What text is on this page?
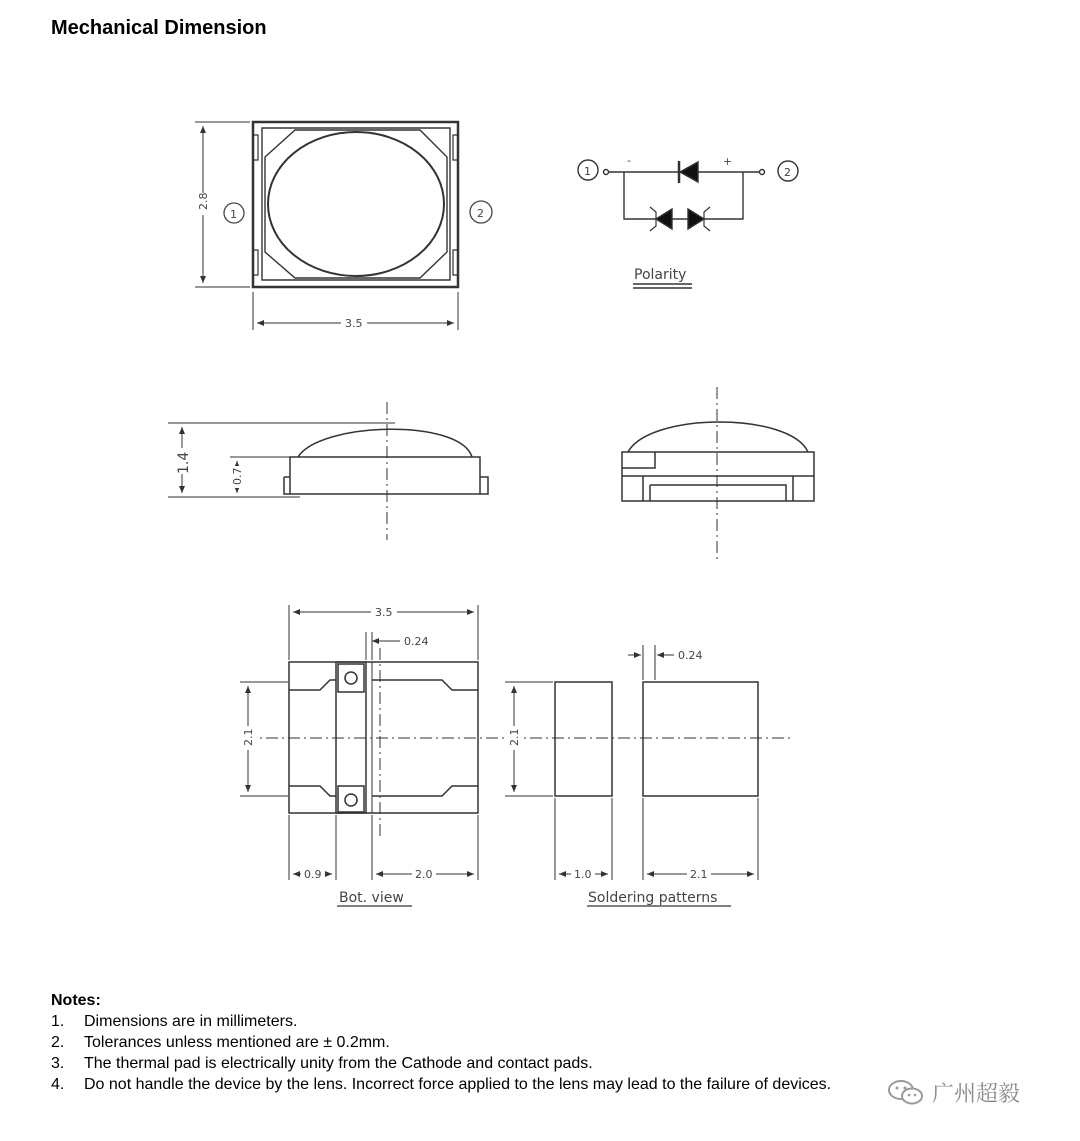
Mechanical Dimension
2.8
3.5
1	2
1	2
-	+
Polarity
1.4
0.7
3.5
0.24
2.1
0.9	2.0
Bot. view
2.1
0.24
1.0	2.1
Soldering patterns
Notes:
1.	Dimensions are in millimeters.
2.	Tolerances unless mentioned are ± 0.2mm.
3.	The thermal pad is electrically unity from the Cathode and contact pads.
4.	Do not handle the device by the lens. Incorrect force applied to the lens may lead to the failure of devices.	广州超毅
